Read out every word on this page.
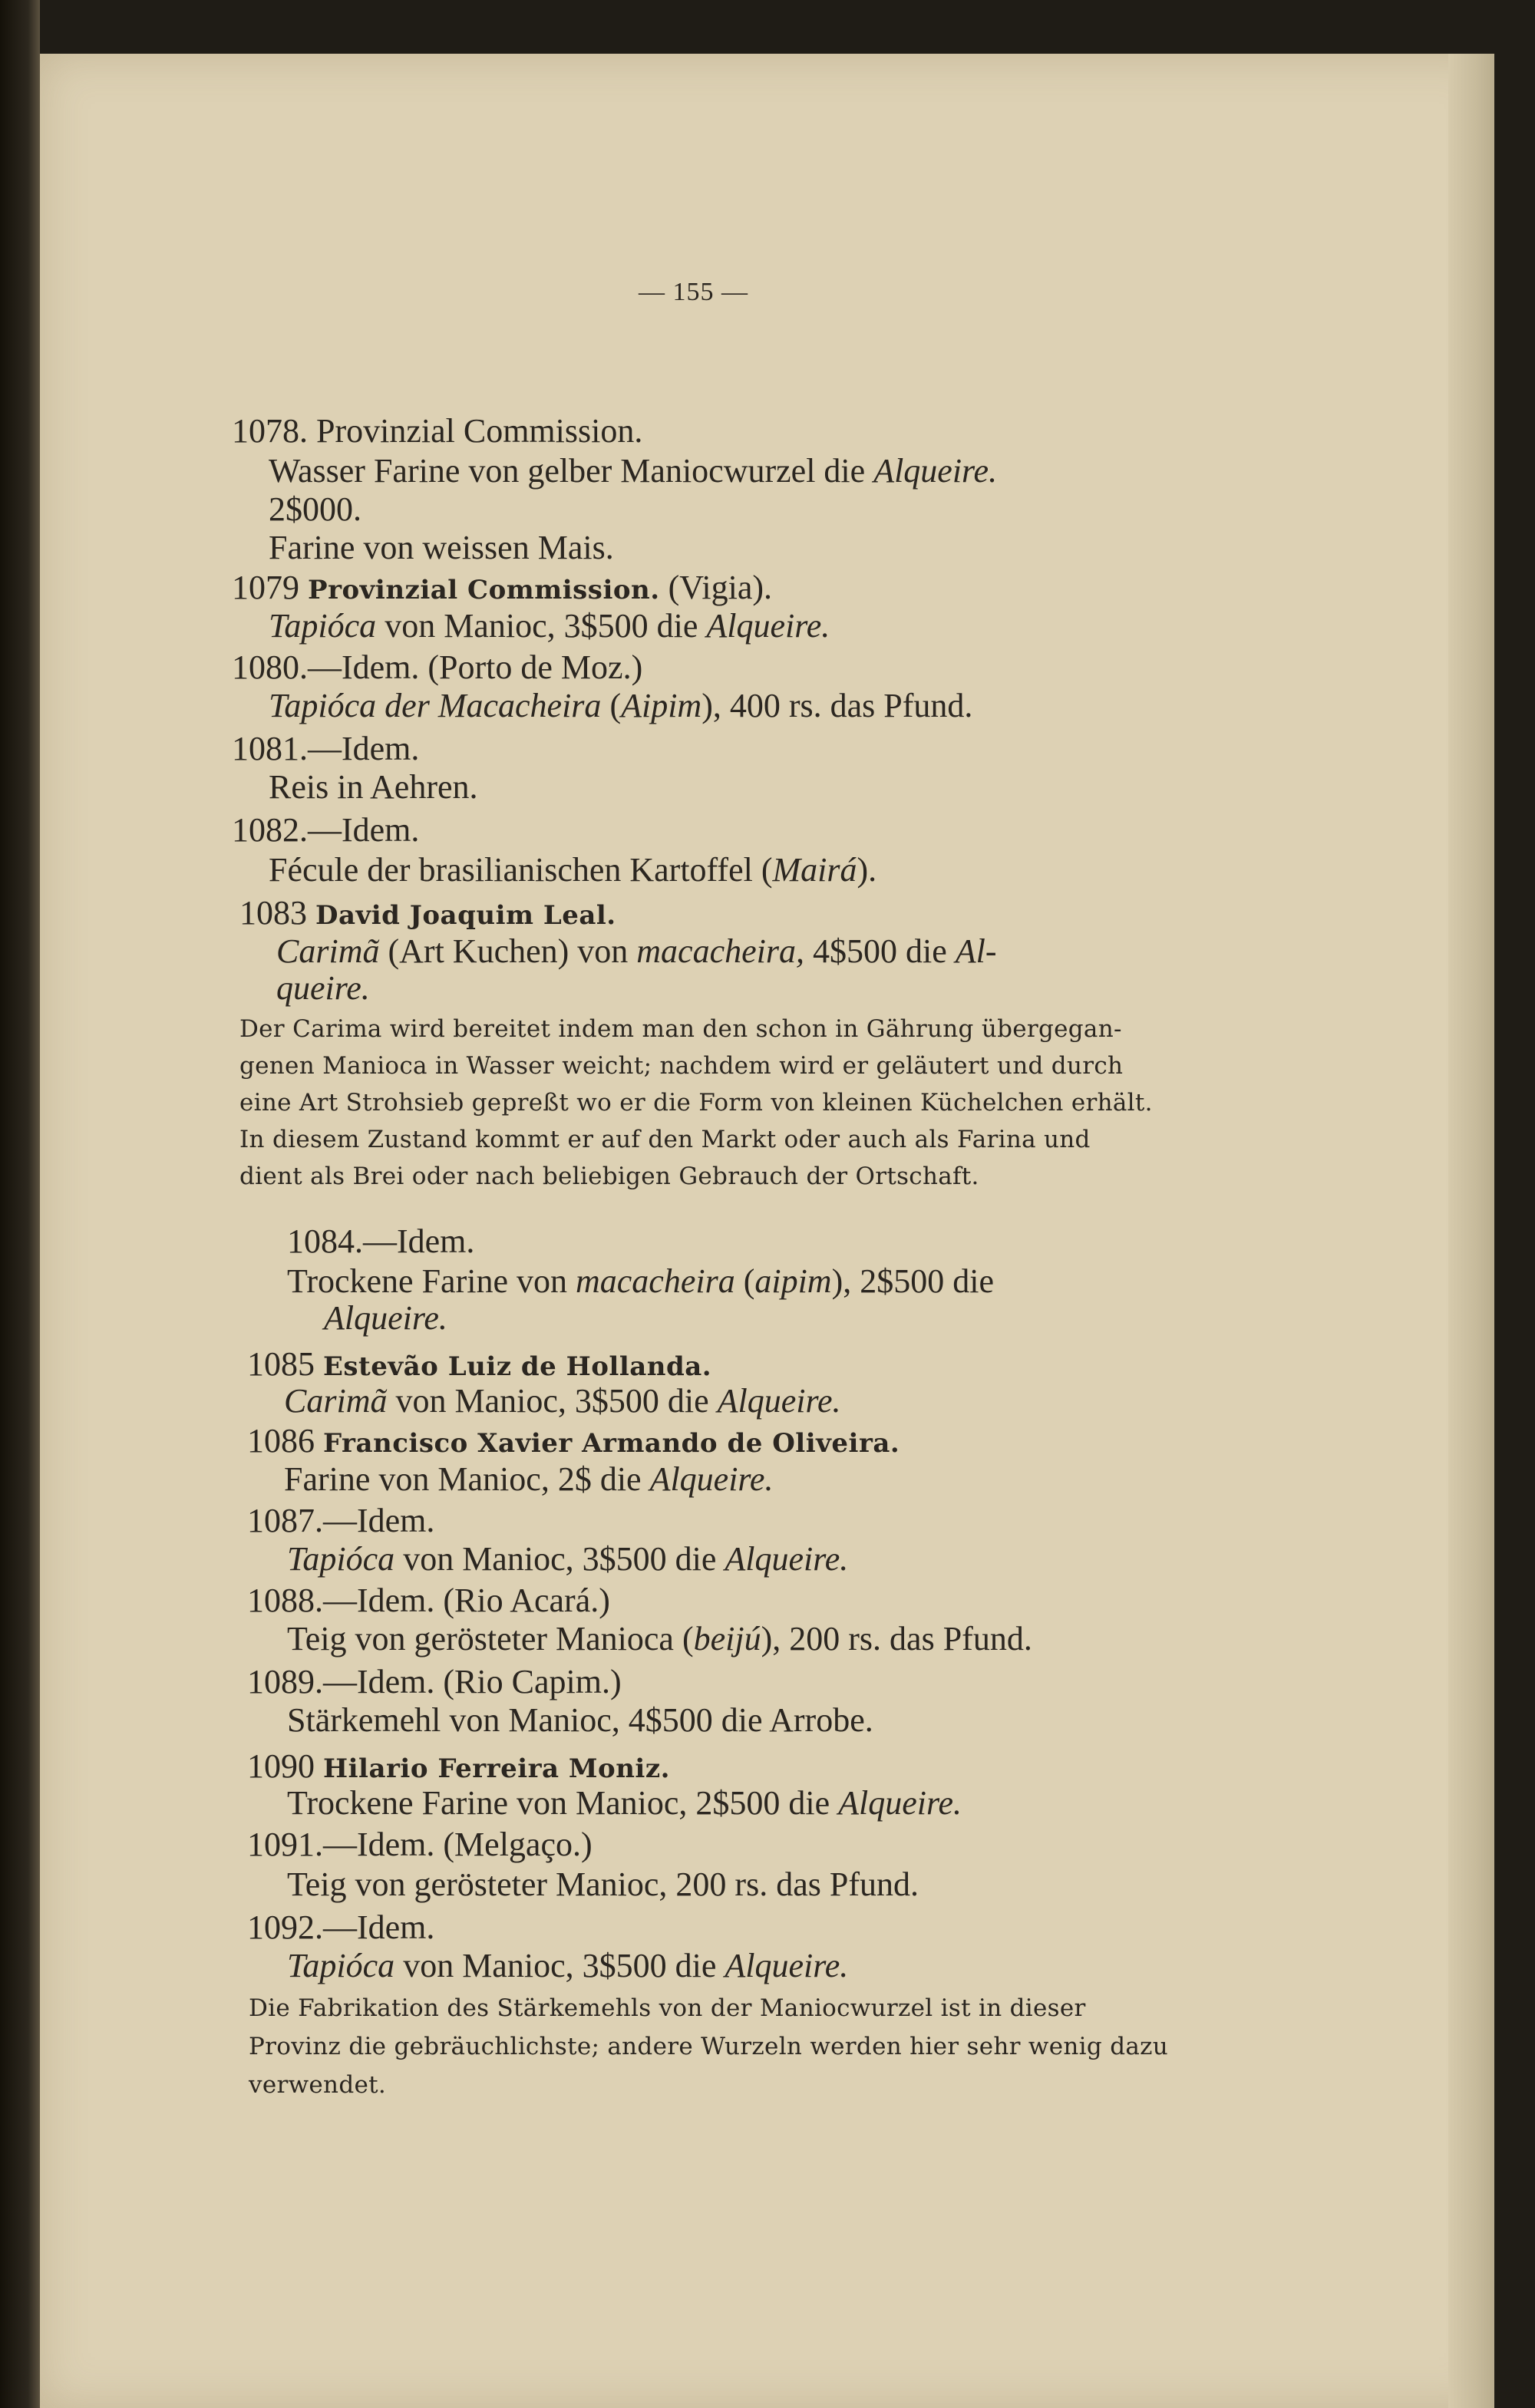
— 155 —
1078. Provinzial Commission.
Wasser Farine von gelber Maniocwurzel die Alqueire.
2$000.
Farine von weissen Mais.
1079 Provinzial Commission. (Vigia).
Tapióca von Manioc, 3$500 die Alqueire.
1080.—Idem. (Porto de Moz.)
Tapióca der Macacheira (Aipim), 400 rs. das Pfund.
1081.—Idem.
Reis in Aehren.
1082.—Idem.
Fécule der brasilianischen Kartoffel (Mairá).
1083 David Joaquim Leal.
Carimã (Art Kuchen) von macacheira, 4$500 die Al-
queire.
Der Carima wird bereitet indem man den schon in Gährung übergegan-
genen Manioca in Wasser weicht; nachdem wird er geläutert und durch
eine Art Strohsieb gepreßt wo er die Form von kleinen Küchelchen erhält.
In diesem Zustand kommt er auf den Markt oder auch als Farina und
dient als Brei oder nach beliebigen Gebrauch der Ortschaft.
1084.—Idem.
Trockene Farine von macacheira (aipim), 2$500 die
Alqueire.
1085 Estevão Luiz de Hollanda.
Carimã von Manioc, 3$500 die Alqueire.
1086 Francisco Xavier Armando de Oliveira.
Farine von Manioc, 2$ die Alqueire.
1087.—Idem.
Tapióca von Manioc, 3$500 die Alqueire.
1088.—Idem. (Rio Acará.)
Teig von gerösteter Manioca (beijú), 200 rs. das Pfund.
1089.—Idem. (Rio Capim.)
Stärkemehl von Manioc, 4$500 die Arrobe.
1090 Hilario Ferreira Moniz.
Trockene Farine von Manioc, 2$500 die Alqueire.
1091.—Idem. (Melgaço.)
Teig von gerösteter Manioc, 200 rs. das Pfund.
1092.—Idem.
Tapióca von Manioc, 3$500 die Alqueire.
Die Fabrikation des Stärkemehls von der Maniocwurzel ist in dieser
Provinz die gebräuchlichste; andere Wurzeln werden hier sehr wenig dazu
verwendet.
